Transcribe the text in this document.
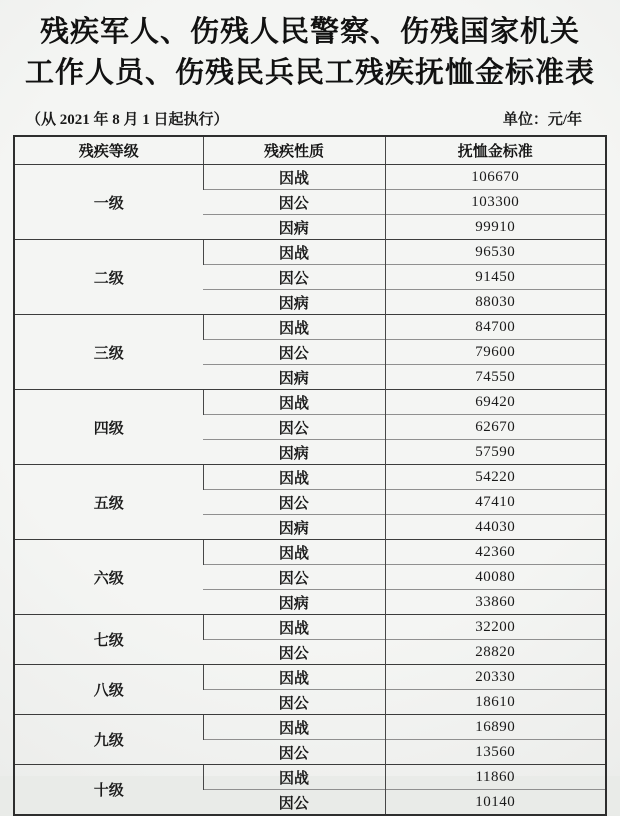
残疾军人、伤残人民警察、伤残国家机关
工作人员、伤残民兵民工残疾抚恤金标准表
（从 2021 年 8 月 1 日起执行）	单位：元/年
残疾等级	残疾性质	抚恤金标准
一级	因战	106670
	因公	103300
	因病	99910
二级	因战	96530
	因公	91450
	因病	88030
三级	因战	84700
	因公	79600
	因病	74550
四级	因战	69420
	因公	62670
	因病	57590
五级	因战	54220
	因公	47410
	因病	44030
六级	因战	42360
	因公	40080
	因病	33860
七级	因战	32200
	因公	28820
八级	因战	20330
	因公	18610
九级	因战	16890
	因公	13560
十级	因战	11860
	因公	10140
